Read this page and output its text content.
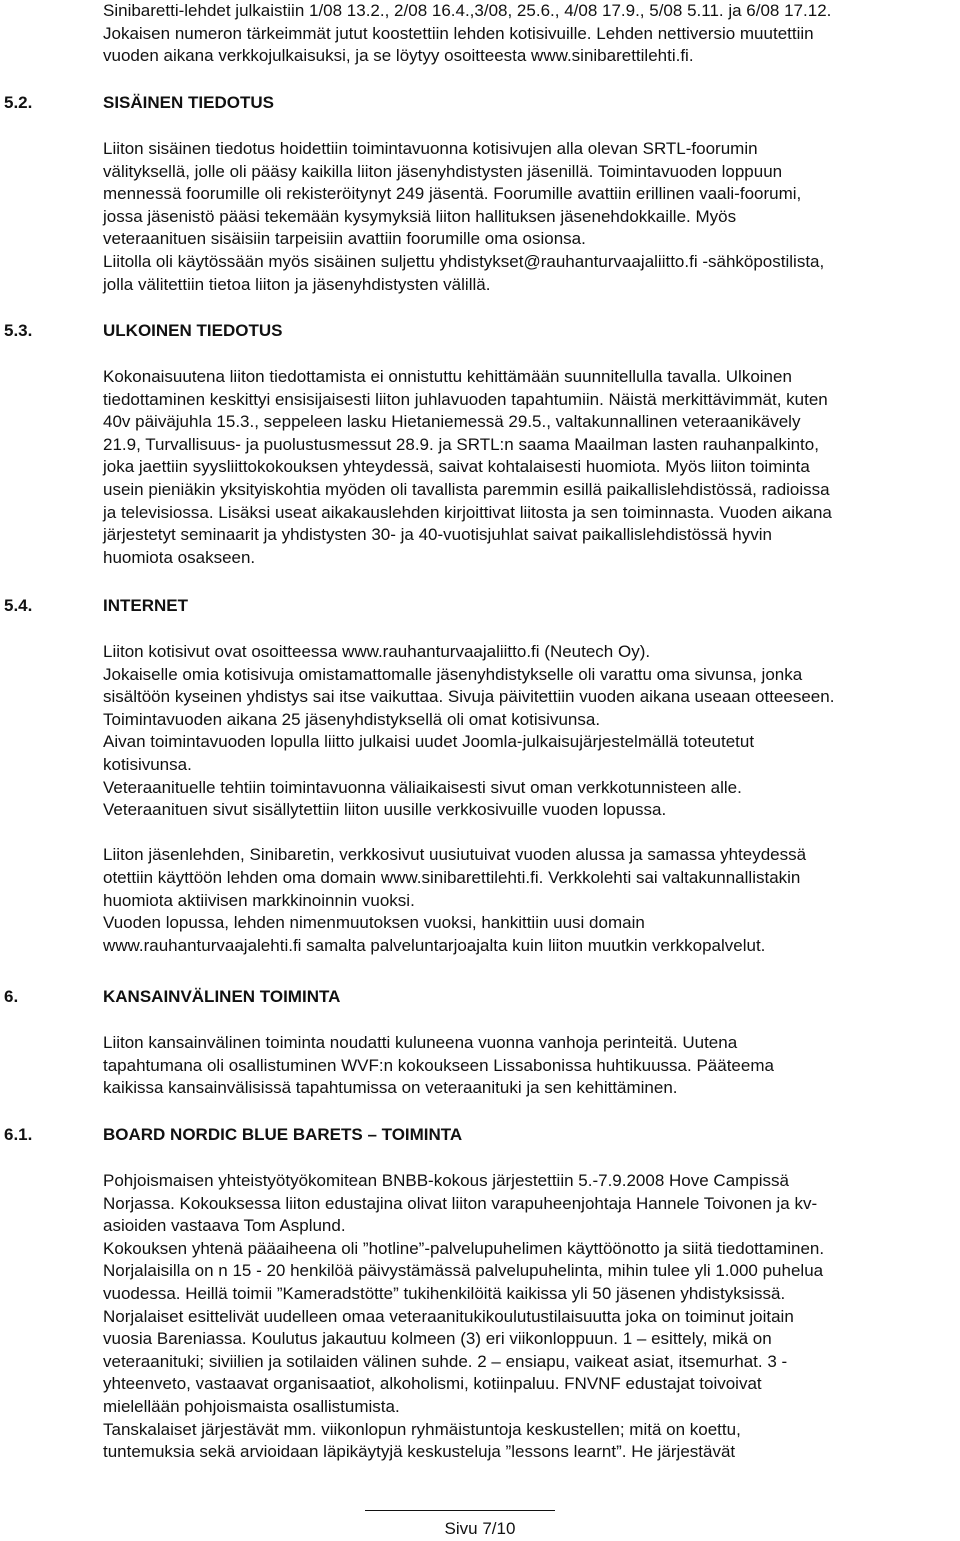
Sinibaretti-lehdet julkaistiin 1/08 13.2., 2/08 16.4.,3/08, 25.6., 4/08 17.9., 5/08 5.11. ja 6/08 17.12.

Jokaisen numeron tärkeimmät jutut koostettiin lehden kotisivuille. Lehden nettiversio muutettiin

vuoden aikana verkkojulkaisuksi, ja se löytyy osoitteesta www.sinibarettilehti.fi.

5.2.	SISÄINEN TIEDOTUS

Liiton sisäinen tiedotus hoidettiin toimintavuonna kotisivujen alla olevan SRTL-foorumin

välityksellä, jolle oli pääsy kaikilla liiton jäsenyhdistysten jäsenillä. Toimintavuoden loppuun

mennessä foorumille oli rekisteröitynyt 249 jäsentä. Foorumille avattiin erillinen vaali-foorumi,

jossa jäsenistö pääsi tekemään kysymyksiä liiton hallituksen jäsenehdokkaille. Myös

veteraanituen sisäisiin tarpeisiin avattiin foorumille oma osionsa.

Liitolla oli käytössään myös sisäinen suljettu yhdistykset@rauhanturvaajaliitto.fi -sähköpostilista,

jolla välitettiin tietoa liiton ja jäsenyhdistysten välillä.

5.3.	ULKOINEN TIEDOTUS

Kokonaisuutena liiton tiedottamista ei onnistuttu kehittämään suunnitellulla tavalla. Ulkoinen

tiedottaminen keskittyi ensisijaisesti liiton juhlavuoden tapahtumiin. Näistä merkittävimmät, kuten

40v päiväjuhla 15.3., seppeleen lasku Hietaniemessä 29.5., valtakunnallinen veteraanikävely

21.9, Turvallisuus- ja puolustusmessut 28.9. ja SRTL:n saama Maailman lasten rauhanpalkinto,

joka jaettiin syysliittokokouksen yhteydessä, saivat kohtalaisesti huomiota. Myös liiton toiminta

usein pieniäkin yksityiskohtia myöden oli tavallista paremmin esillä paikallislehdistössä, radioissa

ja televisiossa. Lisäksi useat aikakauslehden kirjoittivat liitosta ja sen toiminnasta. Vuoden aikana

järjestetyt seminaarit ja yhdistysten 30- ja 40-vuotisjuhlat saivat paikallislehdistössä hyvin

huomiota osakseen.

5.4.	INTERNET

Liiton kotisivut ovat osoitteessa www.rauhanturvaajaliitto.fi (Neutech Oy).

Jokaiselle omia kotisivuja omistamattomalle jäsenyhdistykselle oli varattu oma sivunsa, jonka

sisältöön kyseinen yhdistys sai itse vaikuttaa. Sivuja päivitettiin vuoden aikana useaan otteeseen.

Toimintavuoden aikana 25 jäsenyhdistyksellä oli omat kotisivunsa.

Aivan toimintavuoden lopulla liitto julkaisi uudet Joomla-julkaisujärjestelmällä toteutetut

kotisivunsa.

Veteraanituelle tehtiin toimintavuonna väliaikaisesti sivut oman verkkotunnisteen alle.

Veteraanituen sivut sisällytettiin liiton uusille verkkosivuille vuoden lopussa.

Liiton jäsenlehden, Sinibaretin, verkkosivut uusiutuivat vuoden alussa ja samassa yhteydessä

otettiin käyttöön lehden oma domain www.sinibarettilehti.fi. Verkkolehti sai valtakunnallistakin

huomiota aktiivisen markkinoinnin vuoksi.

Vuoden lopussa, lehden nimenmuutoksen vuoksi, hankittiin uusi domain

www.rauhanturvaajalehti.fi samalta palveluntarjoajalta kuin liiton muutkin verkkopalvelut.

6.	KANSAINVÄLINEN TOIMINTA

Liiton kansainvälinen toiminta noudatti kuluneena vuonna vanhoja perinteitä. Uutena

tapahtumana oli osallistuminen WVF:n kokoukseen Lissabonissa huhtikuussa. Pääteema

kaikissa kansainvälisissä tapahtumissa on veteraanituki ja sen kehittäminen.

6.1.	BOARD NORDIC BLUE BARETS – TOIMINTA

Pohjoismaisen yhteistyötyökomitean BNBB-kokous järjestettiin 5.-7.9.2008 Hove Campissä

Norjassa. Kokouksessa liiton edustajina olivat liiton varapuheenjohtaja Hannele Toivonen ja kv-

asioiden vastaava Tom Asplund.

Kokouksen yhtenä pääaiheena oli ”hotline”-palvelupuhelimen käyttöönotto ja siitä tiedottaminen.

Norjalaisilla on n 15 - 20 henkilöä päivystämässä palvelupuhelinta, mihin tulee yli 1.000 puhelua

vuodessa. Heillä toimii ”Kameradstötte” tukihenkilöitä kaikissa yli 50 jäsenen yhdistyksissä.

Norjalaiset esittelivät uudelleen omaa veteraanitukikoulutustilaisuutta joka on toiminut joitain

vuosia Bareniassa. Koulutus jakautuu kolmeen (3) eri viikonloppuun. 1 – esittely, mikä on

veteraanituki; siviilien ja sotilaiden välinen suhde. 2 – ensiapu, vaikeat asiat, itsemurhat. 3 -

yhteenveto, vastaavat organisaatiot, alkoholismi, kotiinpaluu. FNVNF edustajat toivoivat

mielellään pohjoismaista osallistumista.

Tanskalaiset järjestävät mm. viikonlopun ryhmäistuntoja keskustellen; mitä on koettu,

tuntemuksia sekä arvioidaan läpikäytyjä keskusteluja ”lessons learnt”. He järjestävät

Sivu 7/10
